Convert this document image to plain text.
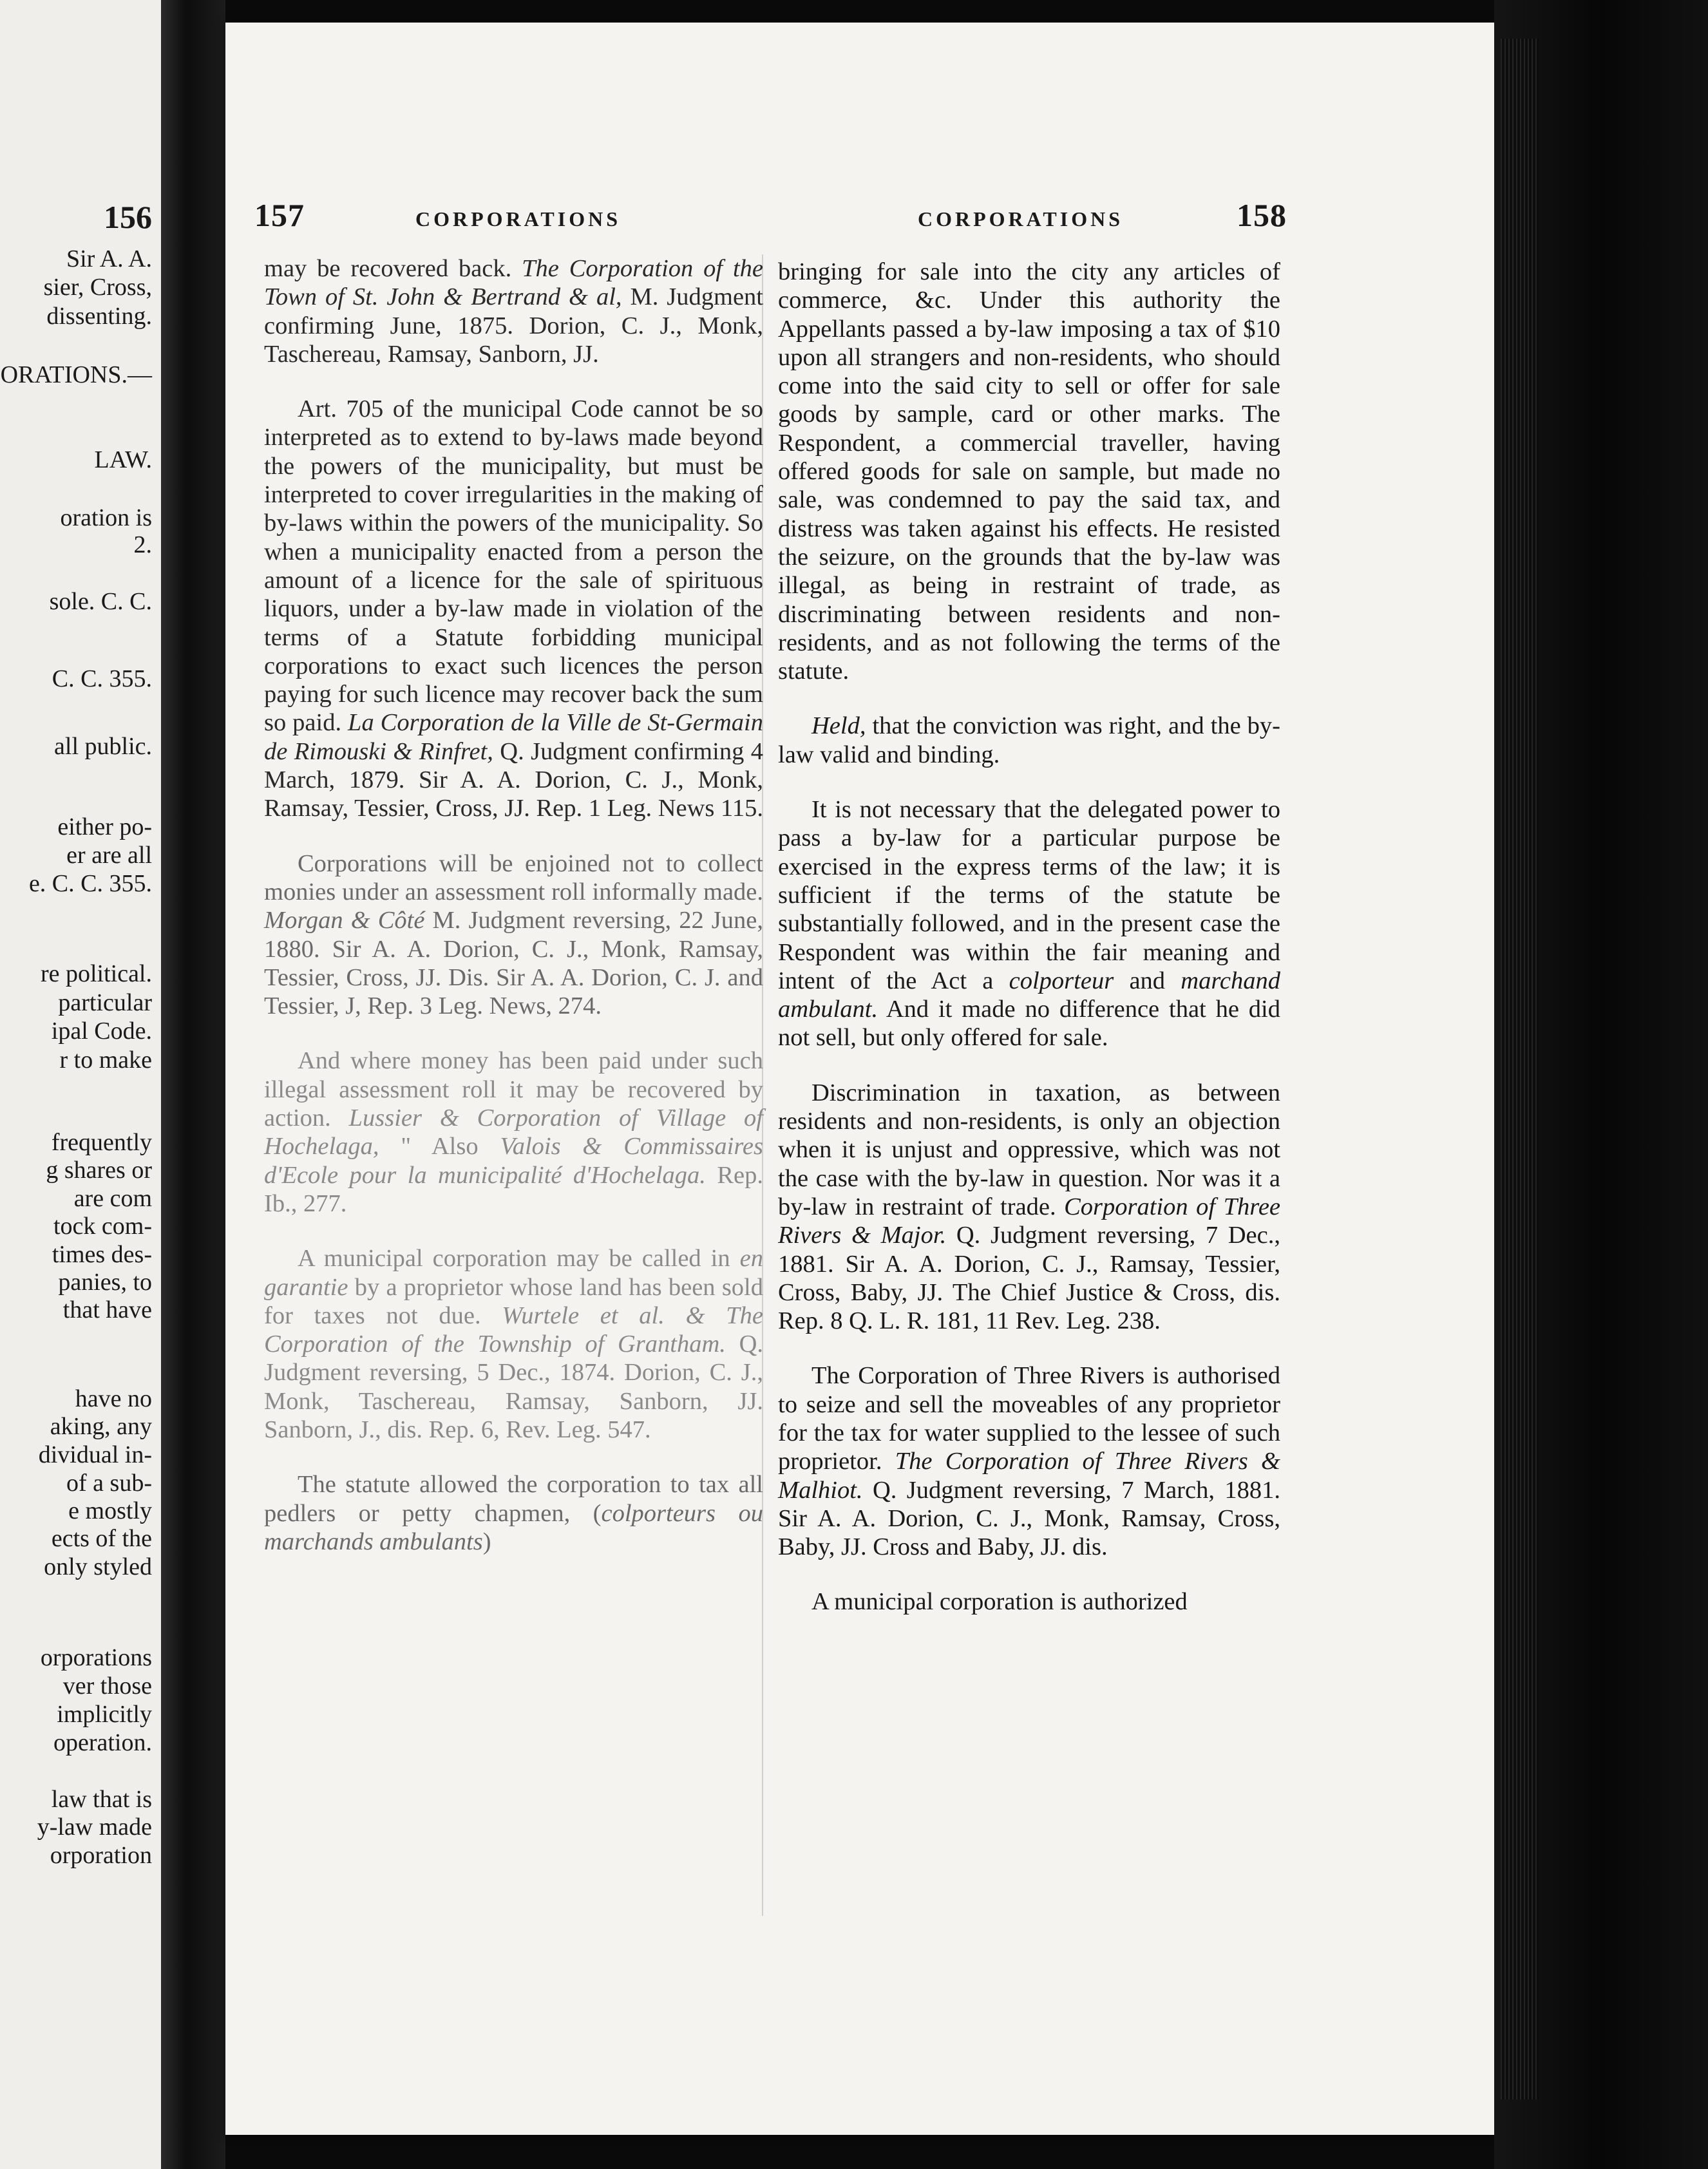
156
Sir A. A.
sier, Cross,
dissenting.
ORATIONS.—
LAW.
oration is
2.
sole. C. C.
C. C. 355.
all public.
either po-
er are all
e. C. C. 355.
re political.
particular
ipal Code.
r to make
frequently
g shares or
are com
tock com-
times des-
panies, to
that have
have no
aking, any
dividual in-
of a sub-
e mostly
ects of the
only styled
orporations
ver those
implicitly
operation.
law that is
y-law made
orporation
157	CORPORATIONS	CORPORATIONS	158

may be recovered back. The Corporation of the Town of St. John & Bertrand & al, M. Judgment confirming June, 1875. Dorion, C. J., Monk, Taschereau, Ramsay, Sanborn, JJ.

Art. 705 of the municipal Code cannot be so interpreted as to extend to by-laws made beyond the powers of the municipality, but must be interpreted to cover irregularities in the making of by-laws within the powers of the municipality. So when a municipality enacted from a person the amount of a licence for the sale of spirituous liquors, under a by-law made in violation of the terms of a Statute forbidding municipal corporations to exact such licences the person paying for such licence may recover back the sum so paid. La Corporation de la Ville de St-Germain de Rimouski & Rinfret, Q. Judgment confirming 4 March, 1879. Sir A. A. Dorion, C. J., Monk, Ramsay, Tessier, Cross, JJ. Rep. 1 Leg. News 115.

Corporations will be enjoined not to collect monies under an assessment roll informally made. Morgan & Côté M. Judgment reversing, 22 June, 1880. Sir A. A. Dorion, C. J., Monk, Ramsay, Tessier, Cross, JJ. Dis. Sir A. A. Dorion, C. J. and Tessier, J, Rep. 3 Leg. News, 274.

And where money has been paid under such illegal assessment roll it may be recovered by action. Lussier & Corporation of Village of Hochelaga, " Also Valois & Commissaires d'Ecole pour la municipalité d'Hochelaga. Rep. Ib., 277.

A municipal corporation may be called in en garantie by a proprietor whose land has been sold for taxes not due. Wurtele et al. & The Corporation of the Township of Grantham. Q. Judgment reversing, 5 Dec., 1874. Dorion, C. J., Monk, Taschereau, Ramsay, Sanborn, JJ. Sanborn, J., dis. Rep. 6, Rev. Leg. 547.

The statute allowed the corporation to tax all pedlers or petty chapmen, (colporteurs ou marchands ambulants)

bringing for sale into the city any articles of commerce, &c. Under this authority the Appellants passed a by-law imposing a tax of $10 upon all strangers and non-residents, who should come into the said city to sell or offer for sale goods by sample, card or other marks. The Respondent, a commercial traveller, having offered goods for sale on sample, but made no sale, was condemned to pay the said tax, and distress was taken against his effects. He resisted the seizure, on the grounds that the by-law was illegal, as being in restraint of trade, as discriminating between residents and non-residents, and as not following the terms of the statute.

Held, that the conviction was right, and the by-law valid and binding.

It is not necessary that the delegated power to pass a by-law for a particular purpose be exercised in the express terms of the law; it is sufficient if the terms of the statute be substantially followed, and in the present case the Respondent was within the fair meaning and intent of the Act a colporteur and marchand ambulant. And it made no difference that he did not sell, but only offered for sale.

Discrimination in taxation, as between residents and non-residents, is only an objection when it is unjust and oppressive, which was not the case with the by-law in question. Nor was it a by-law in restraint of trade. Corporation of Three Rivers & Major. Q. Judgment reversing, 7 Dec., 1881. Sir A. A. Dorion, C. J., Ramsay, Tessier, Cross, Baby, JJ. The Chief Justice & Cross, dis. Rep. 8 Q. L. R. 181, 11 Rev. Leg. 238.

The Corporation of Three Rivers is authorised to seize and sell the moveables of any proprietor for the tax for water supplied to the lessee of such proprietor. The Corporation of Three Rivers & Malhiot. Q. Judgment reversing, 7 March, 1881. Sir A. A. Dorion, C. J., Monk, Ramsay, Cross, Baby, JJ. Cross and Baby, JJ. dis.

A municipal corporation is authorized
